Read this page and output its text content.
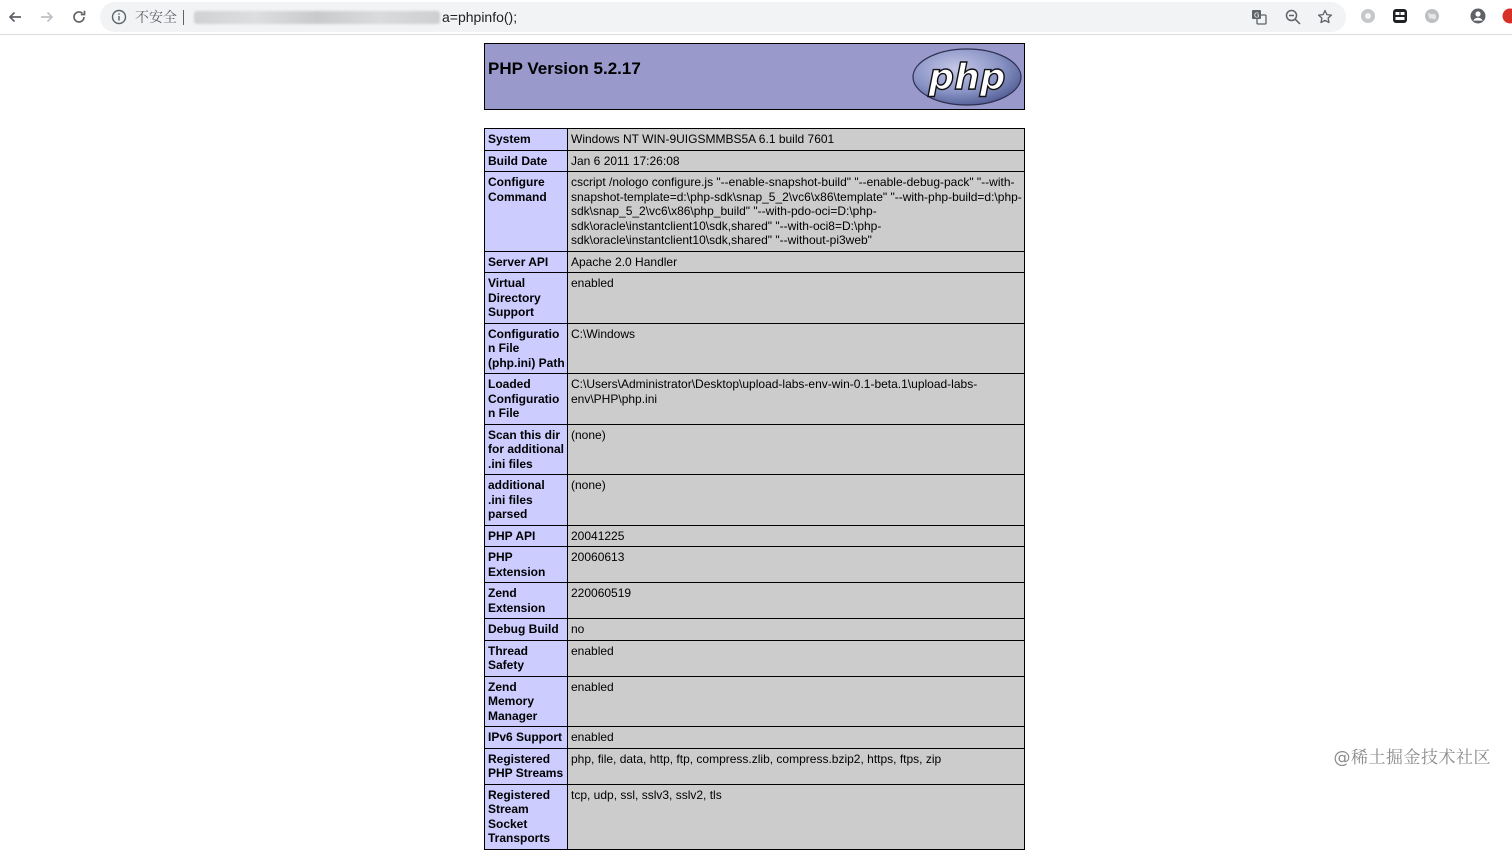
不安全	a=phpinfo();	G
PHP Version 5.2.17	php
System	Windows NT WIN-9UIGSMMBS5A 6.1 build 7601
Build Date	Jan 6 2011 17:26:08
Configure Command	cscript /nologo configure.js "--enable-snapshot-build" "--enable-debug-pack" "--with-snapshot-template=d:\php-sdk\snap_5_2\vc6\x86\template" "--with-php-build=d:\php-sdk\snap_5_2\vc6\x86\php_build" "--with-pdo-oci=D:\php-sdk\oracle\instantclient10\sdk,shared" "--with-oci8=D:\php-sdk\oracle\instantclient10\sdk,shared" "--without-pi3web"
Server API	Apache 2.0 Handler
Virtual Directory Support	enabled
Configuration File (php.ini) Path	C:\Windows
Loaded Configuration File	C:\Users\Administrator\Desktop\upload-labs-env-win-0.1-beta.1\upload-labs-env\PHP\php.ini
Scan this dir for additional .ini files	(none)
additional .ini files parsed	(none)
PHP API	20041225
PHP Extension	20060613
Zend Extension	220060519
Debug Build	no
Thread Safety	enabled
Zend Memory Manager	enabled
IPv6 Support	enabled
Registered PHP Streams	php, file, data, http, ftp, compress.zlib, compress.bzip2, https, ftps, zip
Registered Stream Socket Transports	tcp, udp, ssl, sslv3, sslv2, tls
@稀土掘金技术社区
